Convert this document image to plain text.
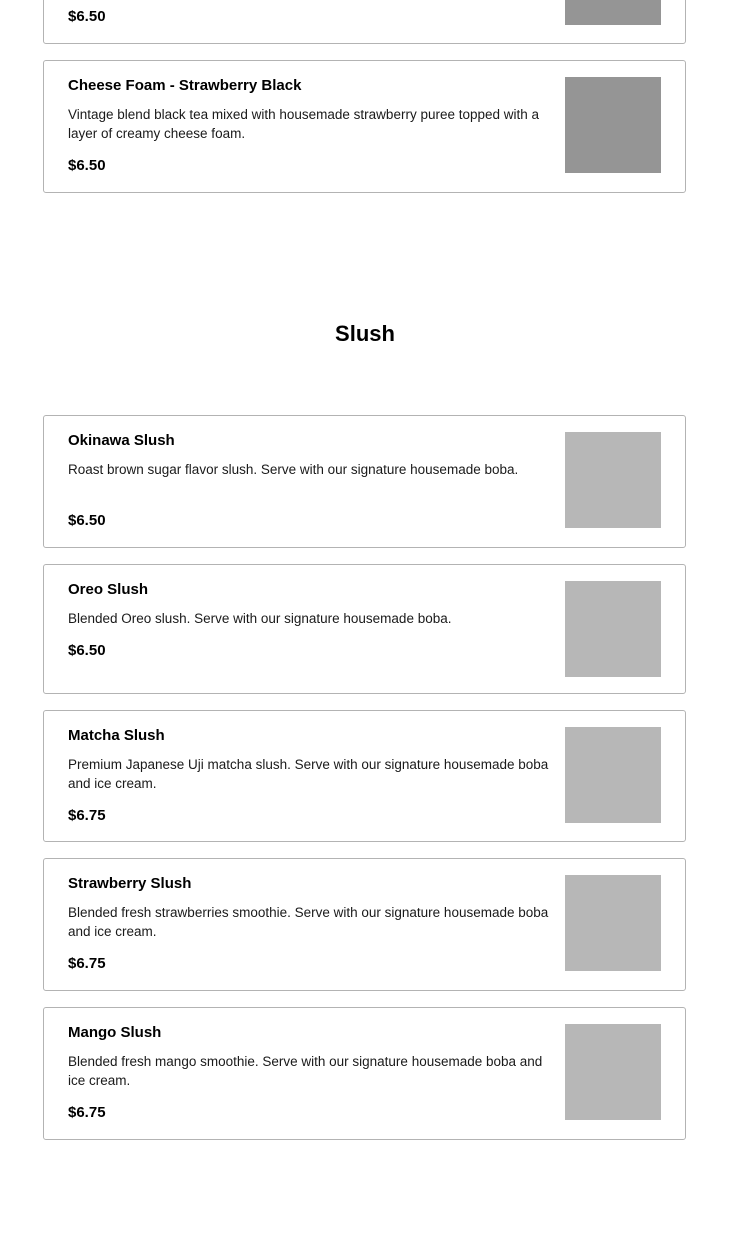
$6.50

Cheese Foam - Strawberry Black

Vintage blend black tea mixed with housemade strawberry puree topped with a layer of creamy cheese foam.

$6.50
Slush

Okinawa Slush

Roast brown sugar flavor slush. Serve with our signature housemade boba.

$6.50

Oreo Slush

Blended Oreo slush. Serve with our signature housemade boba.

$6.50

Matcha Slush

Premium Japanese Uji matcha slush. Serve with our signature housemade boba and ice cream.

$6.75

Strawberry Slush

Blended fresh strawberries smoothie. Serve with our signature housemade boba and ice cream.

$6.75

Mango Slush

Blended fresh mango smoothie. Serve with our signature housemade boba and ice cream.

$6.75
